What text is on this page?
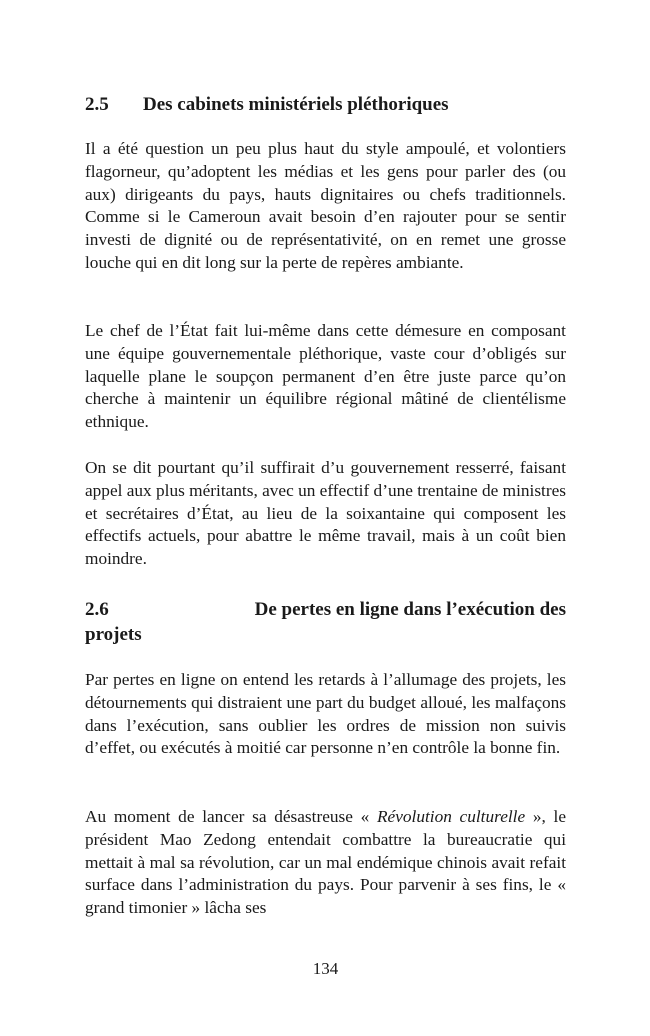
2.5 Des cabinets ministériels pléthoriques

Il a été question un peu plus haut du style ampoulé, et volontiers flagorneur, qu’adoptent les médias et les gens pour parler des (ou aux) dirigeants du pays, hauts dignitaires ou chefs traditionnels. Comme si le Cameroun avait besoin d’en rajouter pour se sentir investi de dignité ou de représentativité, on en remet une grosse louche qui en dit long sur la perte de repères ambiante.

Le chef de l’État fait lui-même dans cette démesure en composant une équipe gouvernementale pléthorique, vaste cour d’obligés sur laquelle plane le soupçon permanent d’en être juste parce qu’on cherche à maintenir un équilibre régional mâtiné de clientélisme ethnique.

On se dit pourtant qu’il suffirait d’u gouvernement resserré, faisant appel aux plus méritants, avec un effectif d’une trentaine de ministres et secrétaires d’État, au lieu de la soixantaine qui composent les effectifs actuels, pour abattre le même travail, mais à un coût bien moindre.

2.6	De pertes en ligne dans l’exécution des
projets

Par pertes en ligne on entend les retards à l’allumage des projets, les détournements qui distraient une part du budget alloué, les malfaçons dans l’exécution, sans oublier les ordres de mission non suivis d’effet, ou exécutés à moitié car personne n’en contrôle la bonne fin.

Au moment de lancer sa désastreuse « Révolution culturelle », le président Mao Zedong entendait combattre la bureaucratie qui mettait à mal sa révolution, car un mal endémique chinois avait refait surface dans l’administration du pays. Pour parvenir à ses fins, le « grand timonier » lâcha ses

134
